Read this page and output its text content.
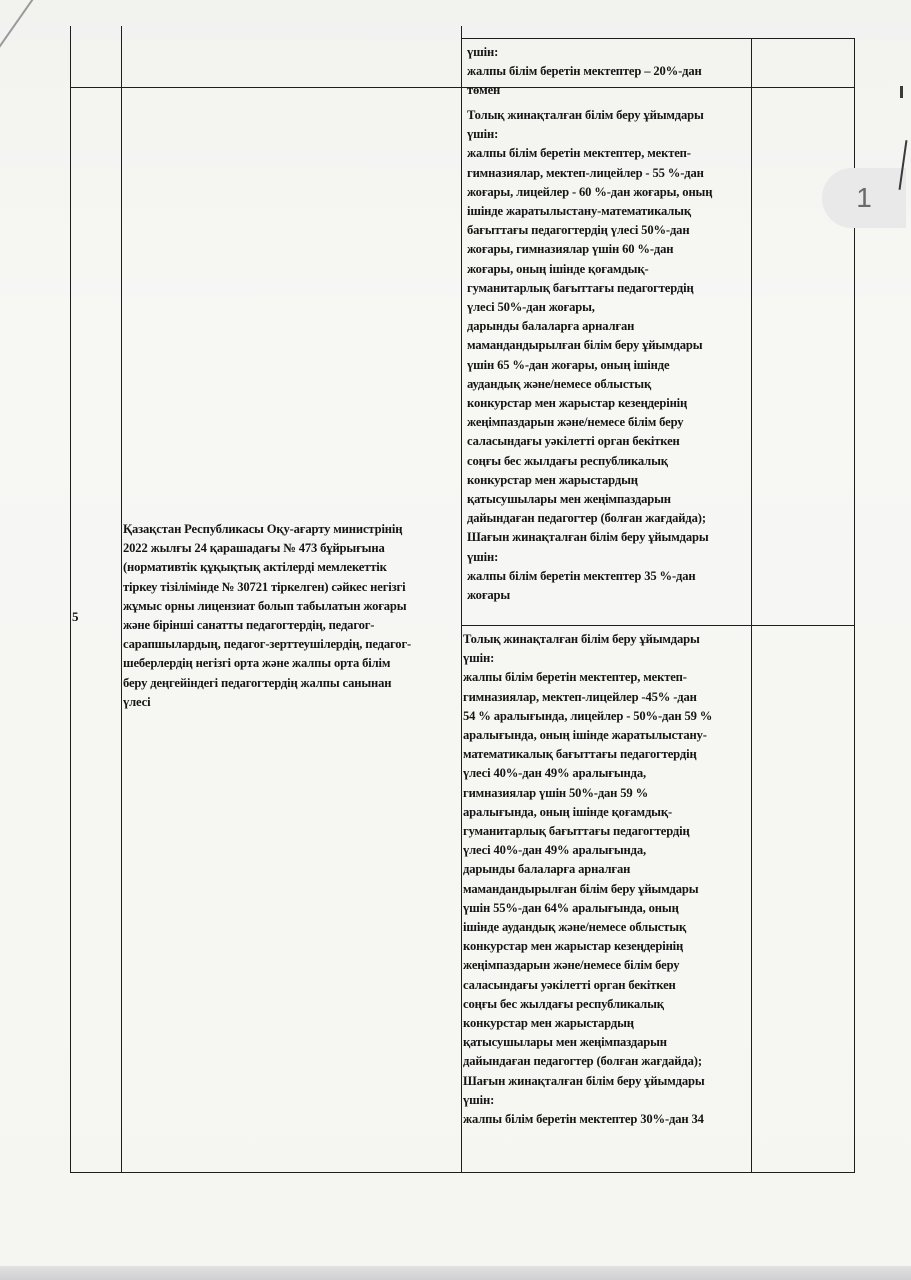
5
Қазақстан Республикасы Оқу-ағарту министрінің
2022 жылғы 24 қарашадағы № 473 бұйрығына
(нормативтік құқықтық актілерді мемлекеттік
тіркеу тізілімінде № 30721 тіркелген) сәйкес негізгі
жұмыс орны лицензиат болып табылатын жоғары
және бірінші санатты педагогтердің, педагог-
сарапшылардың, педагог-зерттеушілердің, педагог-
шеберлердің негізгі орта және жалпы орта білім
беру деңгейіндегі педагогтердің жалпы санынан
үлесі
үшін:
жалпы білім беретін мектептер – 20%-дан
төмен
Толық жинақталған білім беру ұйымдары
үшін:
жалпы білім беретін мектептер, мектеп-
гимназиялар, мектеп-лицейлер - 55 %-дан
жоғары, лицейлер - 60 %-дан жоғары, оның
ішінде жаратылыстану-математикалық
бағыттағы педагогтердің үлесі 50%-дан
жоғары, гимназиялар үшін 60 %-дан
жоғары, оның ішінде қоғамдық-
гуманитарлық бағыттағы педагогтердің
үлесі 50%-дан жоғары,
дарынды балаларға арналған
мамандандырылған білім беру ұйымдары
үшін 65 %-дан жоғары, оның ішінде
аудандық және/немесе облыстық
конкурстар мен жарыстар кезеңдерінің
жеңімпаздарын және/немесе білім беру
саласындағы уәкілетті орган бекіткен
соңғы бес жылдағы республикалық
конкурстар мен жарыстардың
қатысушылары мен жеңімпаздарын
дайындаған педагогтер (болған жағдайда);
Шағын жинақталған білім беру ұйымдары
үшін:
жалпы білім беретін мектептер 35 %-дан
жоғары
Толық жинақталған білім беру ұйымдары
үшін:
жалпы білім беретін мектептер, мектеп-
гимназиялар, мектеп-лицейлер -45% -дан
54 % аралығында, лицейлер - 50%-дан 59 %
аралығында, оның ішінде жаратылыстану-
математикалық бағыттағы педагогтердің
үлесі 40%-дан 49% аралығында,
гимназиялар үшін 50%-дан 59 %
аралығында, оның ішінде қоғамдық-
гуманитарлық бағыттағы педагогтердің
үлесі 40%-дан 49% аралығында,
дарынды балаларға арналған
мамандандырылған білім беру ұйымдары
үшін 55%-дан 64% аралығында, оның
ішінде аудандық және/немесе облыстық
конкурстар мен жарыстар кезеңдерінің
жеңімпаздарын және/немесе білім беру
саласындағы уәкілетті орган бекіткен
соңғы бес жылдағы республикалық
конкурстар мен жарыстардың
қатысушылары мен жеңімпаздарын
дайындаған педагогтер (болған жағдайда);
Шағын жинақталған білім беру ұйымдары
үшін:
жалпы білім беретін мектептер 30%-дан 34
1
